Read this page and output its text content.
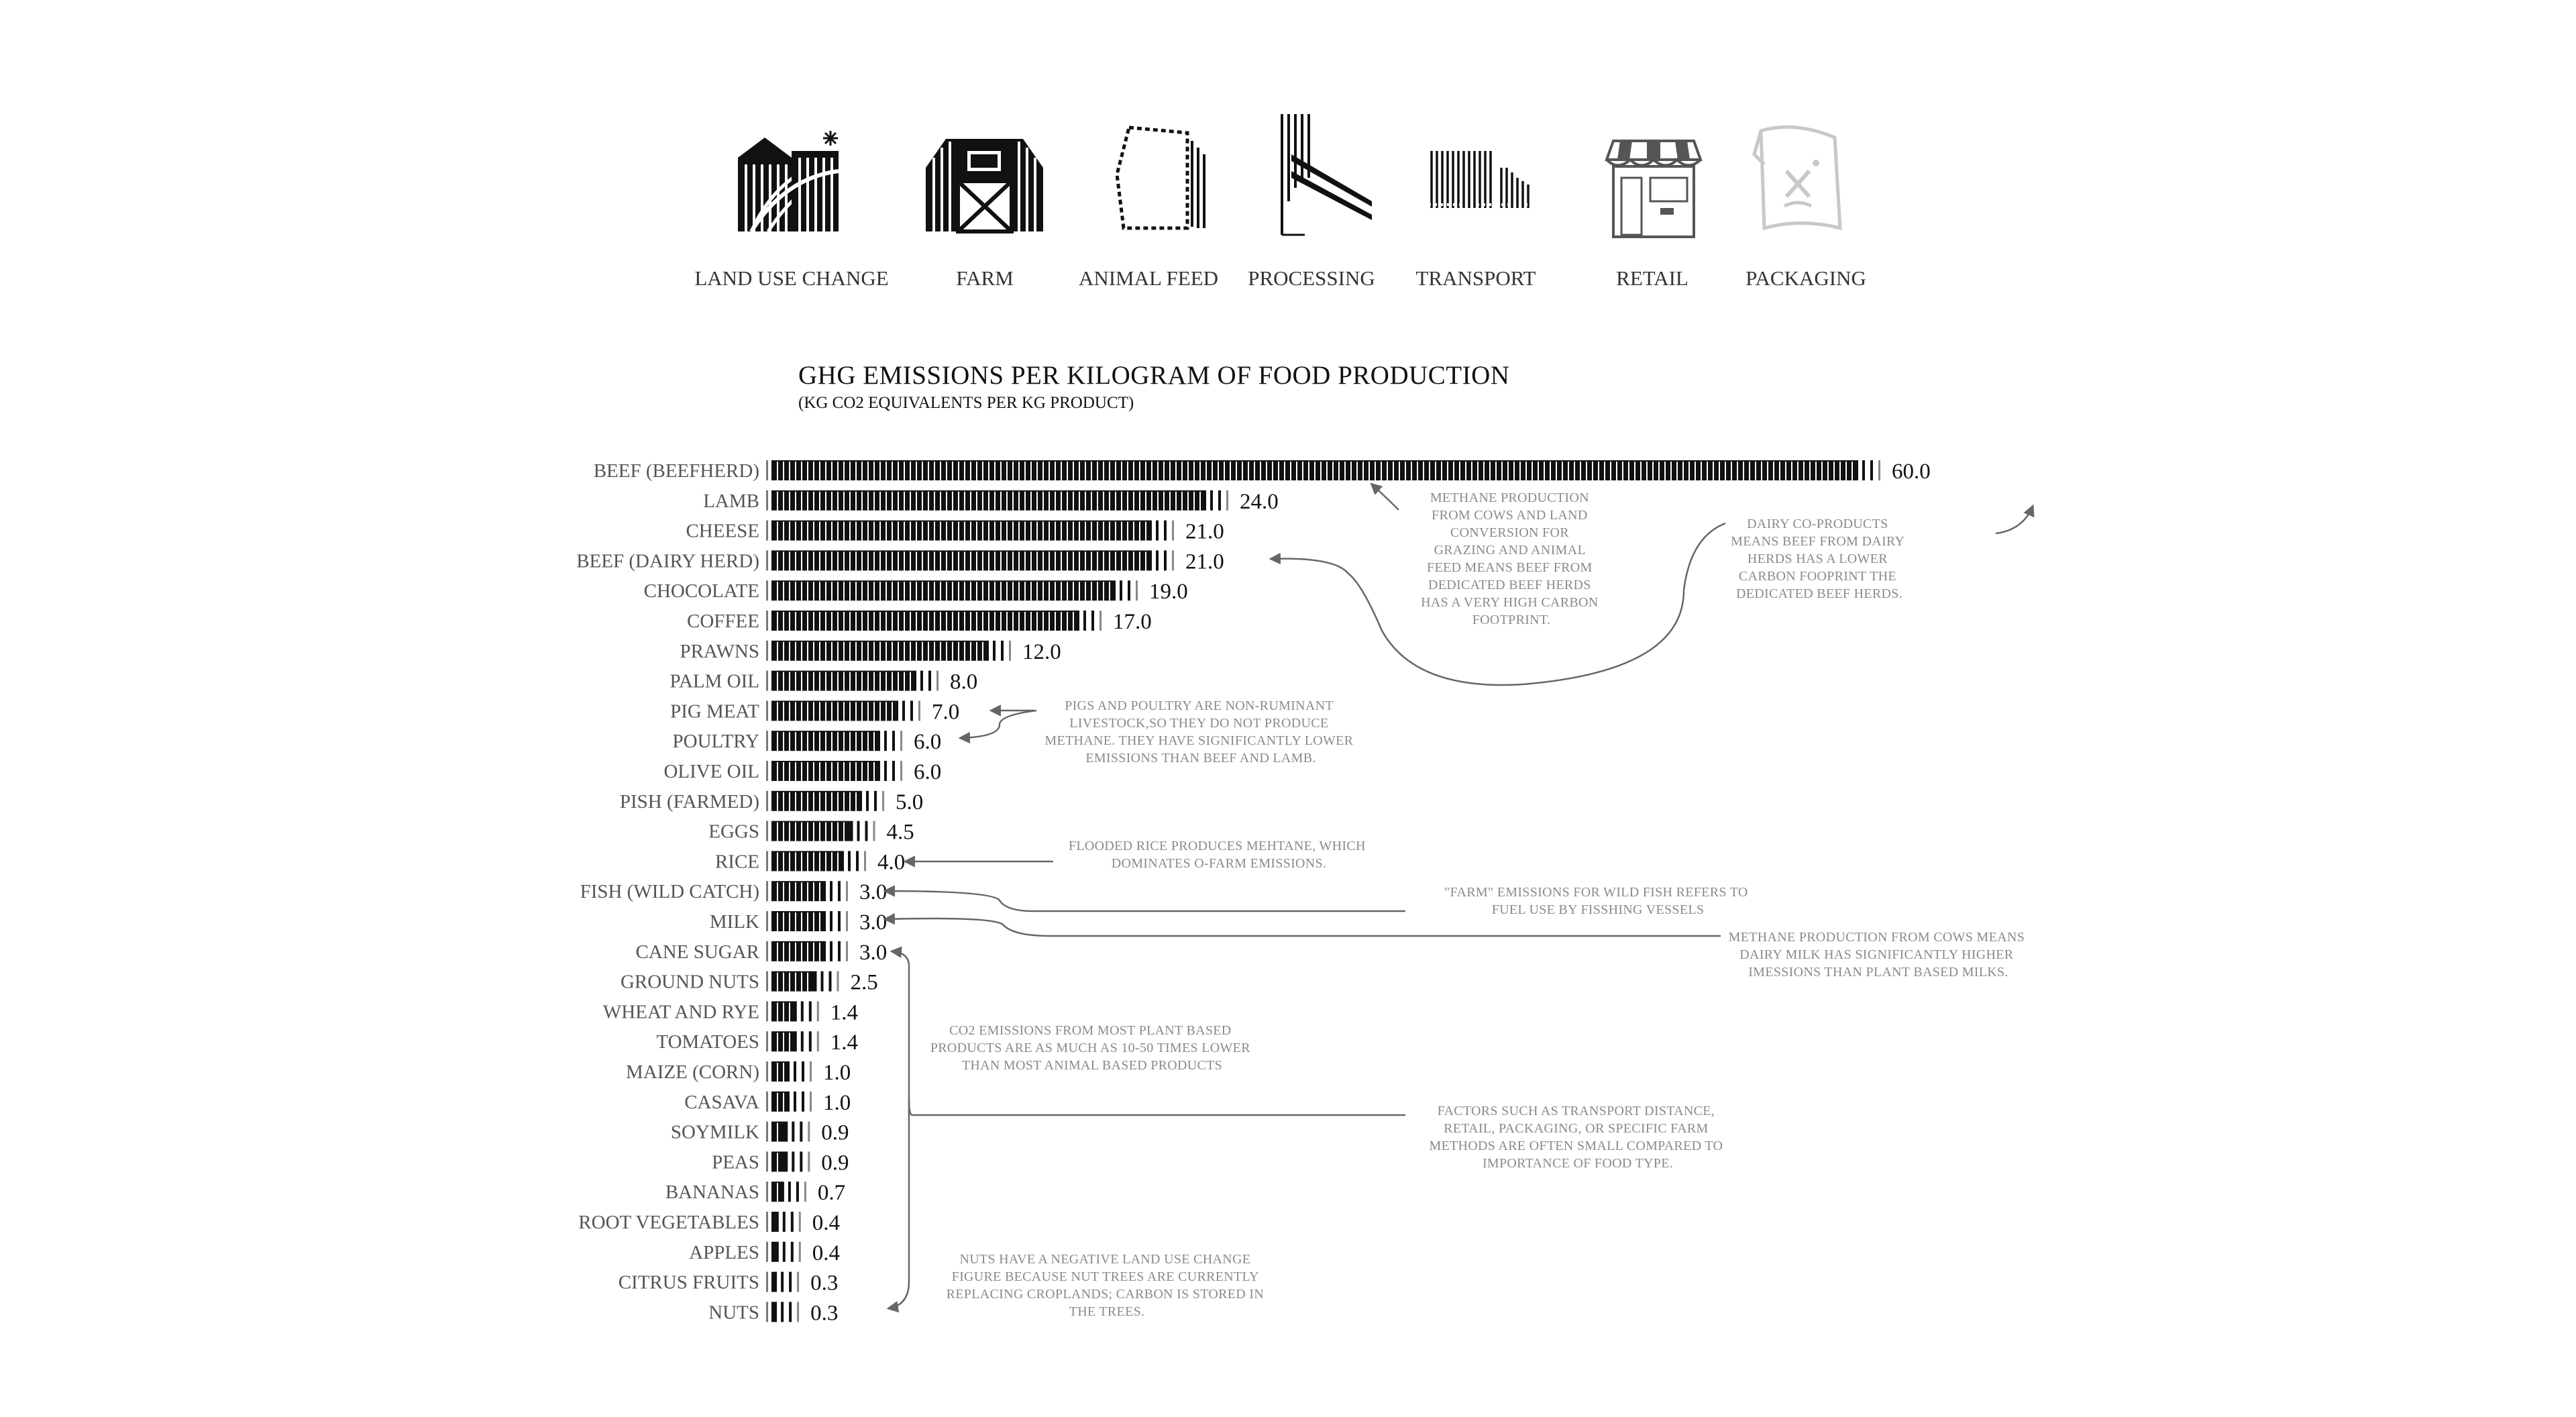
LAND USE CHANGE	FARM	ANIMAL FEED PROCESSING TRANSPORT	RETAIL	PACKAGING
GHG EMISSIONS PER KILOGRAM OF FOOD PRODUCTION
(KG CO2 EQUIVALENTS PER KG PRODUCT)
BEEF (BEEFHERD)	60.0
LAMB	24.0
CHEESE	21.0
BEEF (DAIRY HERD)	21.0
CHOCOLATE	19.0
COFFEE	17.0
PRAWNS	12.0
PALM OIL	8.0
PIG MEAT	7.0
POULTRY	6.0
OLIVE OIL	6.0
PISH (FARMED)	5.0
EGGS	4.5
RICE	4.0
FISH (WILD CATCH)	3.0
MILK	3.0
CANE SUGAR	3.0
GROUND NUTS	2.5
WHEAT AND RYE	1.4
TOMATOES	1.4
MAIZE (CORN)	1.0
CASAVA	1.0
SOYMILK	0.9
PEAS	0.9
BANANAS	0.7
ROOT VEGETABLES 0.4
APPLES 0.4
CITRUS FRUITS 0.3
NUTS 0.3
METHANE PRODUCTION FROM COWS AND LAND CONVERSION FOR GRAZING AND ANIMAL FEED MEANS BEEF FROM DEDICATED BEEF HERDS HAS A VERY HIGH CARBON FOOTPRINT.
DAIRY CO-PRODUCTS MEANS BEEF FROM DAIRY HERDS HAS A LOWER CARBON FOOPRINT THE DEDICATED BEEF HERDS.
PIGS AND POULTRY ARE NON-RUMINANT LIVESTOCK,SO THEY DO NOT PRODUCE METHANE. THEY HAVE SIGNIFICANTLY LOWER EMISSIONS THAN BEEF AND LAMB.
FLOODED RICE PRODUCES MEHTANE, WHICH DOMINATES O-FARM EMISSIONS.
"FARM" EMISSIONS FOR WILD FISH REFERS TO FUEL USE BY FISSHING VESSELS
METHANE PRODUCTION FROM COWS MEANS DAIRY MILK HAS SIGNIFICANTLY HIGHER IMESSIONS THAN PLANT BASED MILKS.
CO2 EMISSIONS FROM MOST PLANT BASED PRODUCTS ARE AS MUCH AS 10-50 TIMES LOWER THAN MOST ANIMAL BASED PRODUCTS
FACTORS SUCH AS TRANSPORT DISTANCE, RETAIL, PACKAGING, OR SPECIFIC FARM METHODS ARE OFTEN SMALL COMPARED TO IMPORTANCE OF FOOD TYPE.
NUTS HAVE A NEGATIVE LAND USE CHANGE FIGURE BECAUSE NUT TREES ARE CURRENTLY REPLACING CROPLANDS; CARBON IS STORED IN THE TREES.
